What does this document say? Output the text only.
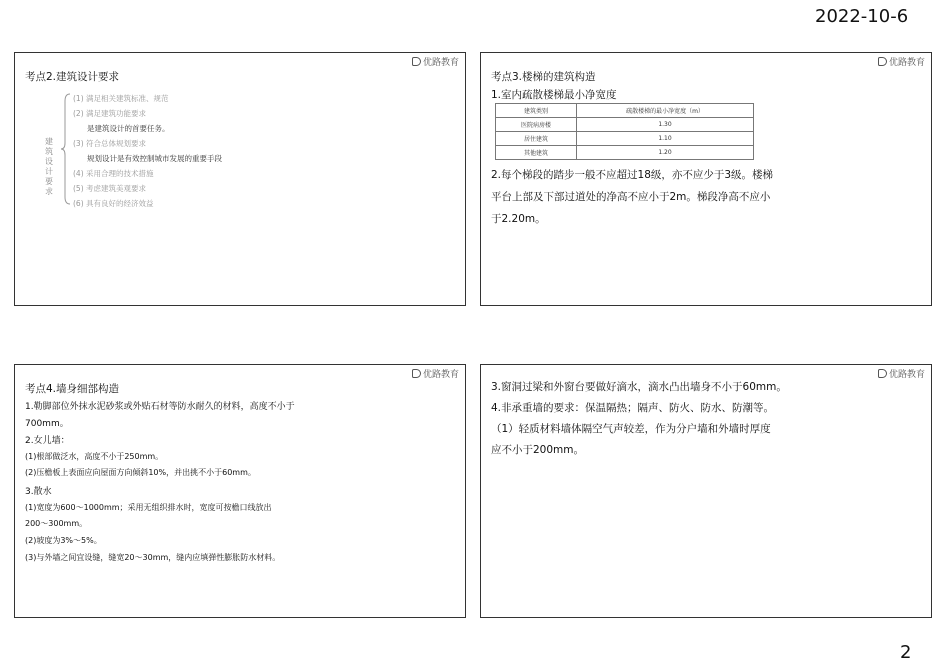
2022-10-6
优路教育
考点2.建筑设计要求
建筑设计要求
(1) 满足相关建筑标准、规范
(2) 满足建筑功能要求
是建筑设计的首要任务。
(3) 符合总体规划要求
规划设计是有效控制城市发展的重要手段
(4) 采用合理的技术措施
(5) 考虑建筑美观要求
(6) 具有良好的经济效益
优路教育
考点3.楼梯的建筑构造
1.室内疏散楼梯最小净宽度
建筑类别	疏散楼梯的最小净宽度（m）
医院病房楼	1.30
居住建筑	1.10
其他建筑	1.20
2.每个梯段的踏步一般不应超过18级，亦不应少于3级。楼梯
平台上部及下部过道处的净高不应小于2m。梯段净高不应小
于2.20m。
优路教育
考点4.墙身细部构造
1.勒脚部位外抹水泥砂浆或外贴石材等防水耐久的材料，高度不小于
700mm。
2.女儿墙：
(1)根部做泛水，高度不小于250mm。
(2)压檐板上表面应向屋面方向倾斜10%，并出挑不小于60mm。
3.散水
(1)宽度为600～1000mm；采用无组织排水时，宽度可按檐口线放出
200～300mm。
(2)坡度为3%～5%。
(3)与外墙之间宜设缝，缝宽20～30mm，缝内应填弹性膨胀防水材料。
优路教育
3.窗洞过梁和外窗台要做好滴水，滴水凸出墙身不小于60mm。
4.非承重墙的要求：保温隔热；隔声、防火、防水、防潮等。
（1）轻质材料墙体隔空气声较差，作为分户墙和外墙时厚度
应不小于200mm。
2
